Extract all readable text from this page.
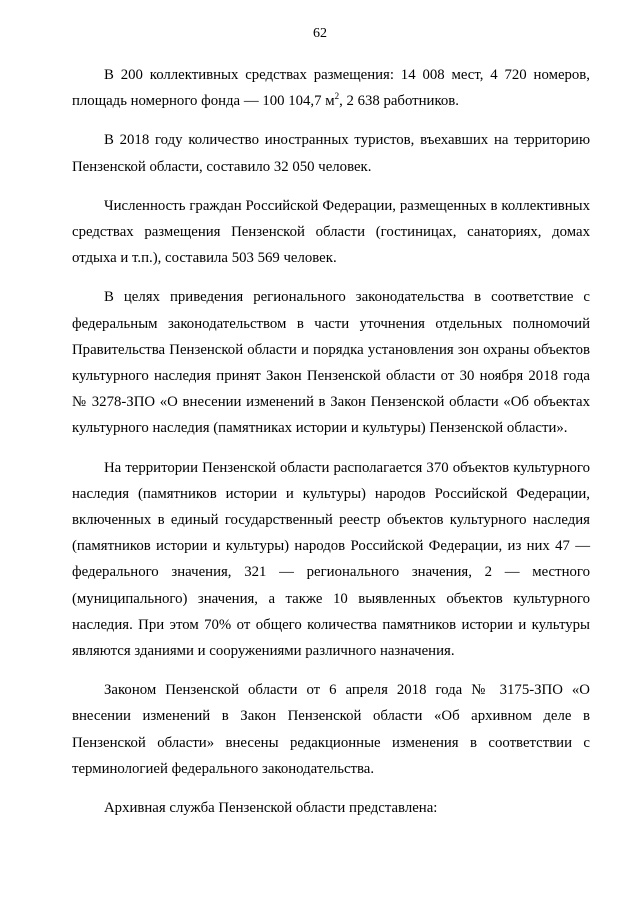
62

В 200 коллективных средствах размещения: 14 008 мест, 4 720 номеров, площадь номерного фонда — 100 104,7 $м^2$, 2 638 работников.

В 2018 году количество иностранных туристов, въехавших на территорию Пензенской области, составило 32 050 человек.

Численность граждан Российской Федерации, размещенных в коллективных средствах размещения Пензенской области (гостиницах, санаториях, домах отдыха и т.п.), составила 503 569 человек.

В целях приведения регионального законодательства в соответствие с федеральным законодательством в части уточнения отдельных полномочий Правительства Пензенской области и порядка установления зон охраны объектов культурного наследия принят Закон Пензенской области от 30 ноября 2018 года № 3278-ЗПО «О внесении изменений в Закон Пензенской области «Об объектах культурного наследия (памятниках истории и культуры) Пензенской области».

На территории Пензенской области располагается 370 объектов культурного наследия (памятников истории и культуры) народов Российской Федерации, включенных в единый государственный реестр объектов культурного наследия (памятников истории и культуры) народов Российской Федерации, из них 47 — федерального значения, 321 — регионального значения, 2 — местного (муниципального) значения, а также 10 выявленных объектов культурного наследия. При этом 70% от общего количества памятников истории и культуры являются зданиями и сооружениями различного назначения.

Законом Пензенской области от 6 апреля 2018 года № 3175-ЗПО «О внесении изменений в Закон Пензенской области «Об архивном деле в Пензенской области» внесены редакционные изменения в соответствии с терминологией федерального законодательства.

Архивная служба Пензенской области представлена:
